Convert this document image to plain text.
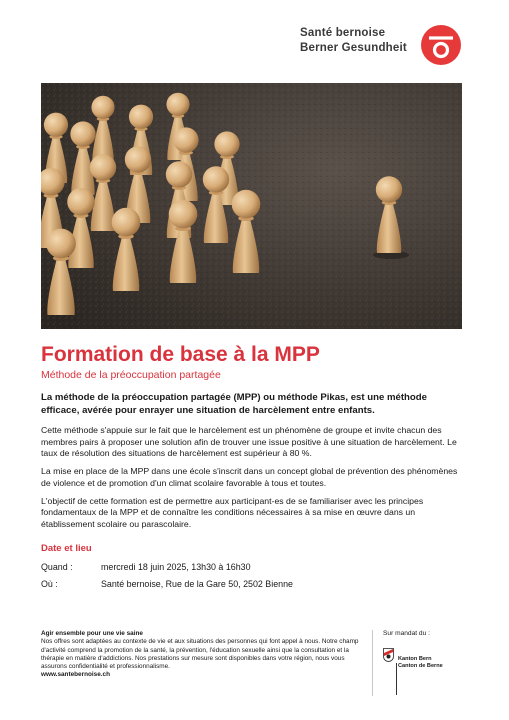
Santé bernoise
Berner Gesundheit
Formation de base à la MPP

Méthode de la préoccupation partagée

La méthode de la préoccupation partagée (MPP) ou méthode Pikas, est une méthode efficace, avérée pour enrayer une situation de harcèlement entre enfants.

Cette méthode s'appuie sur le fait que le harcèlement est un phénomène de groupe et invite chacun des membres pairs à proposer une solution afin de trouver une issue positive à une situation de harcèlement. Le taux de résolution des situations de harcèlement est supérieur à 80 %.

La mise en place de la MPP dans une école s'inscrit dans un concept global de prévention des phénomènes de violence et de promotion d'un climat scolaire favorable à tous et toutes.

L'objectif de cette formation est de permettre aux participant-es de se familiariser avec les principes fondamentaux de la MPP et de connaître les conditions nécessaires à sa mise en œuvre dans un établissement scolaire ou parascolaire.

Date et lieu
Quand :	mercredi 18 juin 2025, 13h30 à 16h30
Où :	Santé bernoise, Rue de la Gare 50, 2502 Bienne
Agir ensemble pour une vie saine
Nos offres sont adaptées au contexte de vie et aux situations des personnes qui font appel à nous. Notre champ d'activité comprend la promotion de la santé, la prévention, l'éducation sexuelle ainsi que la consultation et la thérapie en matière d'addictions. Nos prestations sur mesure sont disponibles dans votre région, nous vous assurons confidentialité et professionnalisme.
www.santebernoise.ch
Sur mandat du :
Kanton Bern
Canton de Berne
